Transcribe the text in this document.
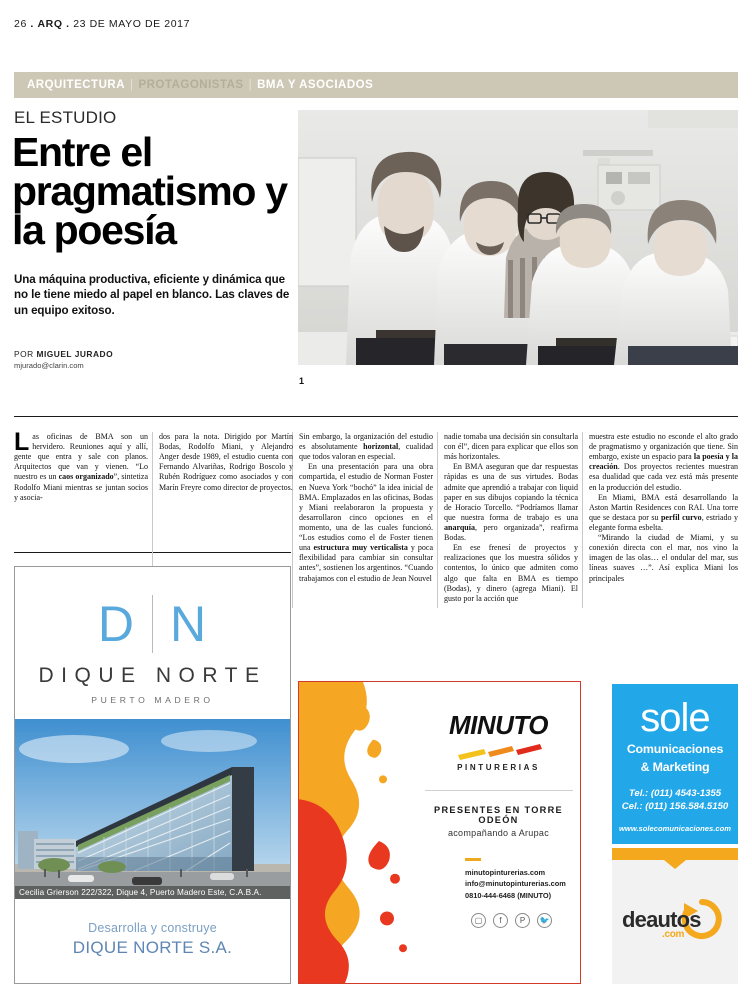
26 . ARQ . 23 DE MAYO DE 2017
ARQUITECTURA | PROTAGONISTAS | BMA Y ASOCIADOS
EL ESTUDIO
Entre el pragmatismo y la poesía
Una máquina productiva, eficiente y dinámica que no le tiene miedo al papel en blanco. Las claves de un equipo exitoso.
POR MIGUEL JURADO
mjurado@clarin.com
1

Las oficinas de BMA son un hervidero. Reuniones aquí y allí, gente que entra y sale con planos. Arquitectos que van y vienen. “Lo nuestro es un caos organizado”, sintetiza Rodolfo Miani mientras se juntan socios y asocia-

dos para la nota. Dirigido por Martín Bodas, Rodolfo Miani, y Alejandro Anger desde 1989, el estudio cuenta con Fernando Alvariñas, Rodrigo Boscolo y Rubén Rodríguez como asociados y con Marín Freyre como director de proyectos.

Sin embargo, la organización del estudio es absolutamente horizontal, cualidad que todos valoran en especial.

En una presentación para una obra compartida, el estudio de Norman Foster en Nueva York “bochó” la idea inicial de BMA. Emplazados en las oficinas, Bodas y Miani reelaboraron la propuesta y desarrollaron cinco opciones en el momento, una de las cuales funcionó. “Los estudios como el de Foster tienen una estructura muy verticalista y poca flexibilidad para cambiar sin consultar antes”, sostienen los argentinos. “Cuando trabajamos con el estudio de Jean Nouvel

nadie tomaba una decisión sin consultarla con él”, dicen para explicar que ellos son más horizontales.

En BMA aseguran que dar respuestas rápidas es una de sus virtudes. Bodas admite que aprendió a trabajar con liquid paper en sus dibujos copiando la técnica de Horacio Torcello. “Podríamos llamar que nuestra forma de trabajo es una anarquía, pero organizada”, reafirma Bodas.

En ese frenesí de proyectos y realizaciones que los muestra sólidos y contentos, lo único que admiten como algo que falta en BMA es tiempo (Bodas), y dinero (agrega Miani). El gusto por la acción que

muestra este estudio no esconde el alto grado de pragmatismo y organización que tiene. Sin embargo, existe un espacio para la poesía y la creación. Dos proyectos recientes muestran esa dualidad que cada vez está más presente en la producción del estudio.

En Miami, BMA está desarrollando la Aston Martin Residences con RAI. Una torre que se destaca por su perfil curvo, estriado y elegante forma esbelta.

“Mirando la ciudad de Miami, y su conexión directa con el mar, nos vino la imagen de las olas… el ondular del mar, sus líneas suaves …”. Así explica Miani los principales

D N
DIQUE NORTE
PUERTO MADERO
Cecilia Grierson 222/322, Dique 4, Puerto Madero Este, C.A.B.A.
Desarrolla y construye
DIQUE NORTE S.A.
MINUTO
PINTURERIAS
PRESENTES EN TORRE ODEÓN
acompañando a Arupac
minutopinturerias.com
info@minutopinturerias.com
0810-444-6468 (MINUTO)
▢	f	P	🐦
sole
Comunicaciones
& Marketing
Tel.: (011) 4543-1355
Cel.: (011) 156.584.5150
www.solecomunicaciones.com
deautos
.com
